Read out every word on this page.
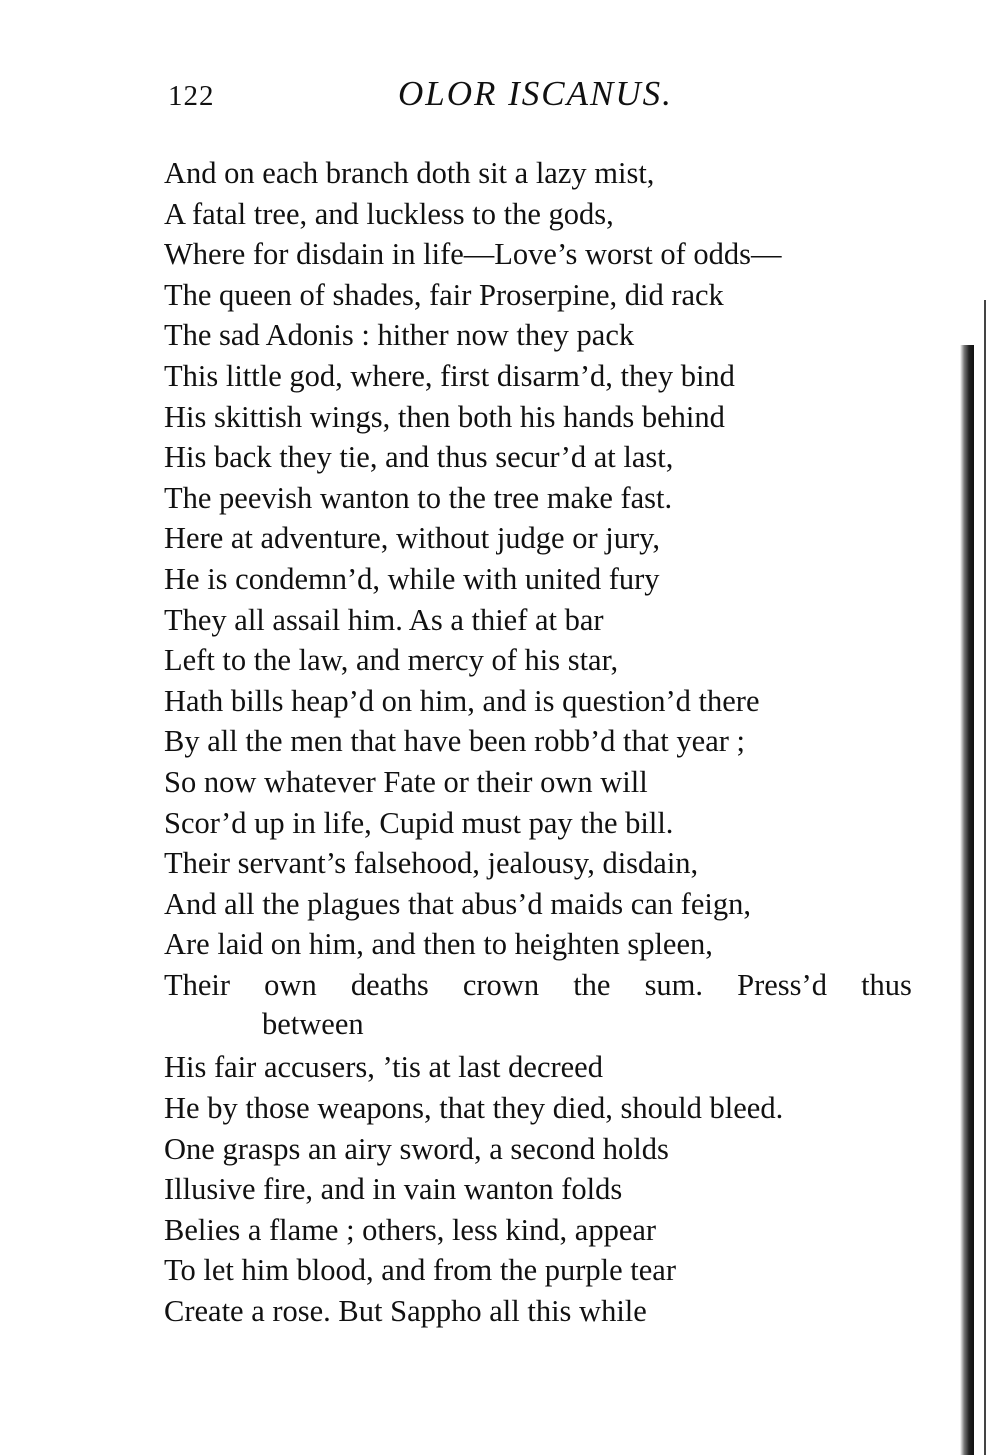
122	OLOR ISCANUS.
And on each branch doth sit a lazy mist,
A fatal tree, and luckless to the gods,
Where for disdain in life—Love’s worst of odds—
The queen of shades, fair Proserpine, did rack
The sad Adonis : hither now they pack
This little god, where, first disarm’d, they bind
His skittish wings, then both his hands behind
His back they tie, and thus secur’d at last,
The peevish wanton to the tree make fast.
Here at adventure, without judge or jury,
He is condemn’d, while with united fury
They all assail him. As a thief at bar
Left to the law, and mercy of his star,
Hath bills heap’d on him, and is question’d there
By all the men that have been robb’d that year ;
So now whatever Fate or their own will
Scor’d up in life, Cupid must pay the bill.
Their servant’s falsehood, jealousy, disdain,
And all the plagues that abus’d maids can feign,
Are laid on him, and then to heighten spleen,
Their own deaths crown the sum. Press’d thus
between
His fair accusers, ’tis at last decreed
He by those weapons, that they died, should bleed.
One grasps an airy sword, a second holds
Illusive fire, and in vain wanton folds
Belies a flame ; others, less kind, appear
To let him blood, and from the purple tear
Create a rose. But Sappho all this while
